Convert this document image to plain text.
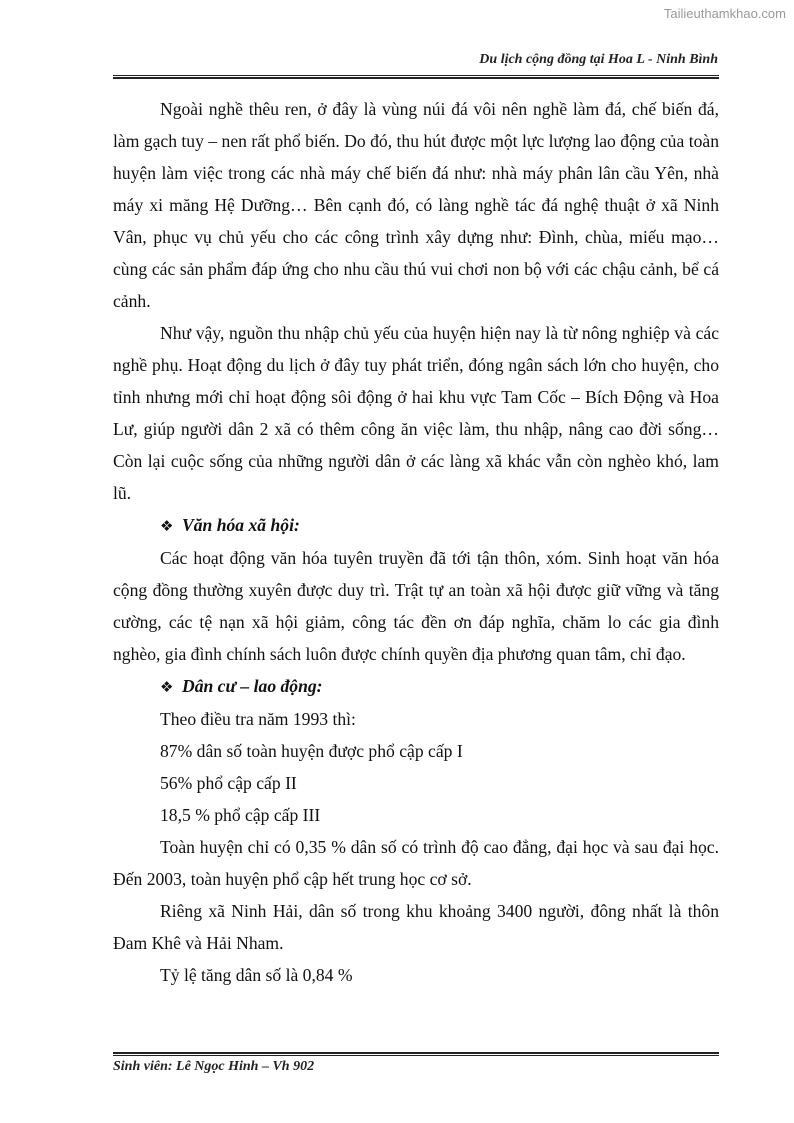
Tailieuthamkhao.com
Du lịch cộng đồng tại Hoa L - Ninh Bình

Ngoài nghề thêu ren, ở đây là vùng núi đá vôi nên nghề làm đá, chế biến đá, làm gạch tuy – nen rất phổ biến. Do đó, thu hút được một lực lượng lao động của toàn huyện làm việc trong các nhà máy chế biến đá như: nhà máy phân lân cầu Yên, nhà máy xi măng Hệ Dưỡng… Bên cạnh đó, có làng nghề tác đá nghệ thuật ở xã Ninh Vân, phục vụ chủ yếu cho các công trình xây dựng như: Đình, chùa, miếu mạo… cùng các sản phẩm đáp ứng cho nhu cầu thú vui chơi non bộ với các chậu cảnh, bể cá cảnh.

Như vậy, nguồn thu nhập chủ yếu của huyện hiện nay là từ nông nghiệp và các nghề phụ. Hoạt động du lịch ở đây tuy phát triển, đóng ngân sách lớn cho huyện, cho tỉnh nhưng mới chỉ hoạt động sôi động ở hai khu vực Tam Cốc – Bích Động và Hoa Lư, giúp người dân 2 xã có thêm công ăn việc làm, thu nhập, nâng cao đời sống… Còn lại cuộc sống của những người dân ở các làng xã khác vẫn còn nghèo khó, lam lũ.

❖ Văn hóa xã hội:

Các hoạt động văn hóa tuyên truyền đã tới tận thôn, xóm. Sinh hoạt văn hóa cộng đồng thường xuyên được duy trì. Trật tự an toàn xã hội được giữ vững và tăng cường, các tệ nạn xã hội giảm, công tác đền ơn đáp nghĩa, chăm lo các gia đình nghèo, gia đình chính sách luôn được chính quyền địa phương quan tâm, chỉ đạo.

❖ Dân cư – lao động:

Theo điều tra năm 1993 thì:

87% dân số toàn huyện được phổ cập cấp I

56% phổ cập cấp II

18,5 % phổ cập cấp III

Toàn huyện chỉ có 0,35 % dân số có trình độ cao đẳng, đại học và sau đại học. Đến 2003, toàn huyện phổ cập hết trung học cơ sở.

Riêng xã Ninh Hải, dân số trong khu khoảng 3400 người, đông nhất là thôn Đam Khê và Hải Nham.

Tỷ lệ tăng dân số là 0,84 %

Sinh viên: Lê Ngọc Hinh – Vh 902
